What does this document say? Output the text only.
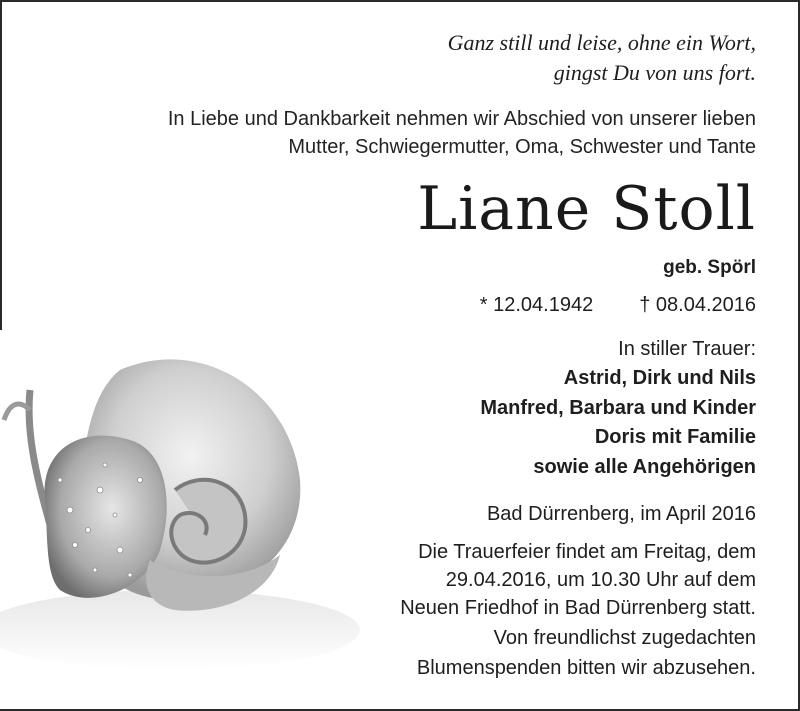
Ganz still und leise, ohne ein Wort,
gingst Du von uns fort.
In Liebe und Dankbarkeit nehmen wir Abschied von unserer lieben
Mutter, Schwiegermutter, Oma, Schwester und Tante
Liane Stoll
geb. Spörl
* 12.04.1942 † 08.04.2016
In stiller Trauer:
Astrid, Dirk und Nils
Manfred, Barbara und Kinder
Doris mit Familie
sowie alle Angehörigen
Bad Dürrenberg, im April 2016
Die Trauerfeier findet am Freitag, dem
29.04.2016, um 10.30 Uhr auf dem
Neuen Friedhof in Bad Dürrenberg statt.
Von freundlichst zugedachten
Blumenspenden bitten wir abzusehen.
